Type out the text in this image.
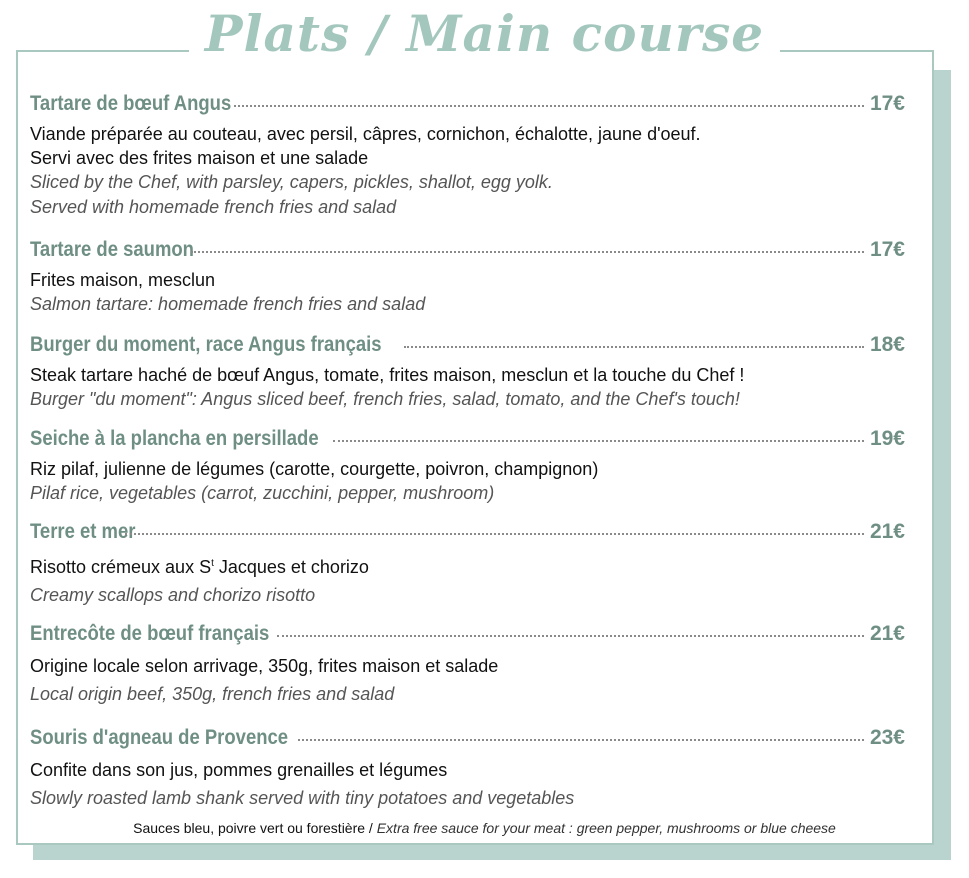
Plats / Main course
Tartare de bœuf Angus	17€
Viande préparée au couteau, avec persil, câpres, cornichon, échalotte, jaune d'oeuf.
Servi avec des frites maison et une salade
Sliced by the Chef, with parsley, capers, pickles, shallot, egg yolk.
Served with homemade french fries and salad
Tartare de saumon	17€
Frites maison, mesclun
Salmon tartare: homemade french fries and salad
Burger du moment, race Angus français	18€
Steak tartare haché de bœuf Angus, tomate, frites maison, mesclun et la touche du Chef !
Burger "du moment": Angus sliced beef, french fries, salad, tomato, and the Chef's touch!
Seiche à la plancha en persillade	19€
Riz pilaf, julienne de légumes (carotte, courgette, poivron, champignon)
Pilaf rice, vegetables (carrot, zucchini, pepper, mushroom)
Terre et mer	21€
Risotto crémeux aux $S^t$ Jacques et chorizo
Creamy scallops and chorizo risotto
Entrecôte de bœuf français	21€
Origine locale selon arrivage, 350g, frites maison et salade
Local origin beef, 350g, french fries and salad
Souris d'agneau de Provence	23€
Confite dans son jus, pommes grenailles et légumes
Slowly roasted lamb shank served with tiny potatoes and vegetables
Sauces bleu, poivre vert ou forestière / Extra free sauce for your meat : green pepper, mushrooms or blue cheese
